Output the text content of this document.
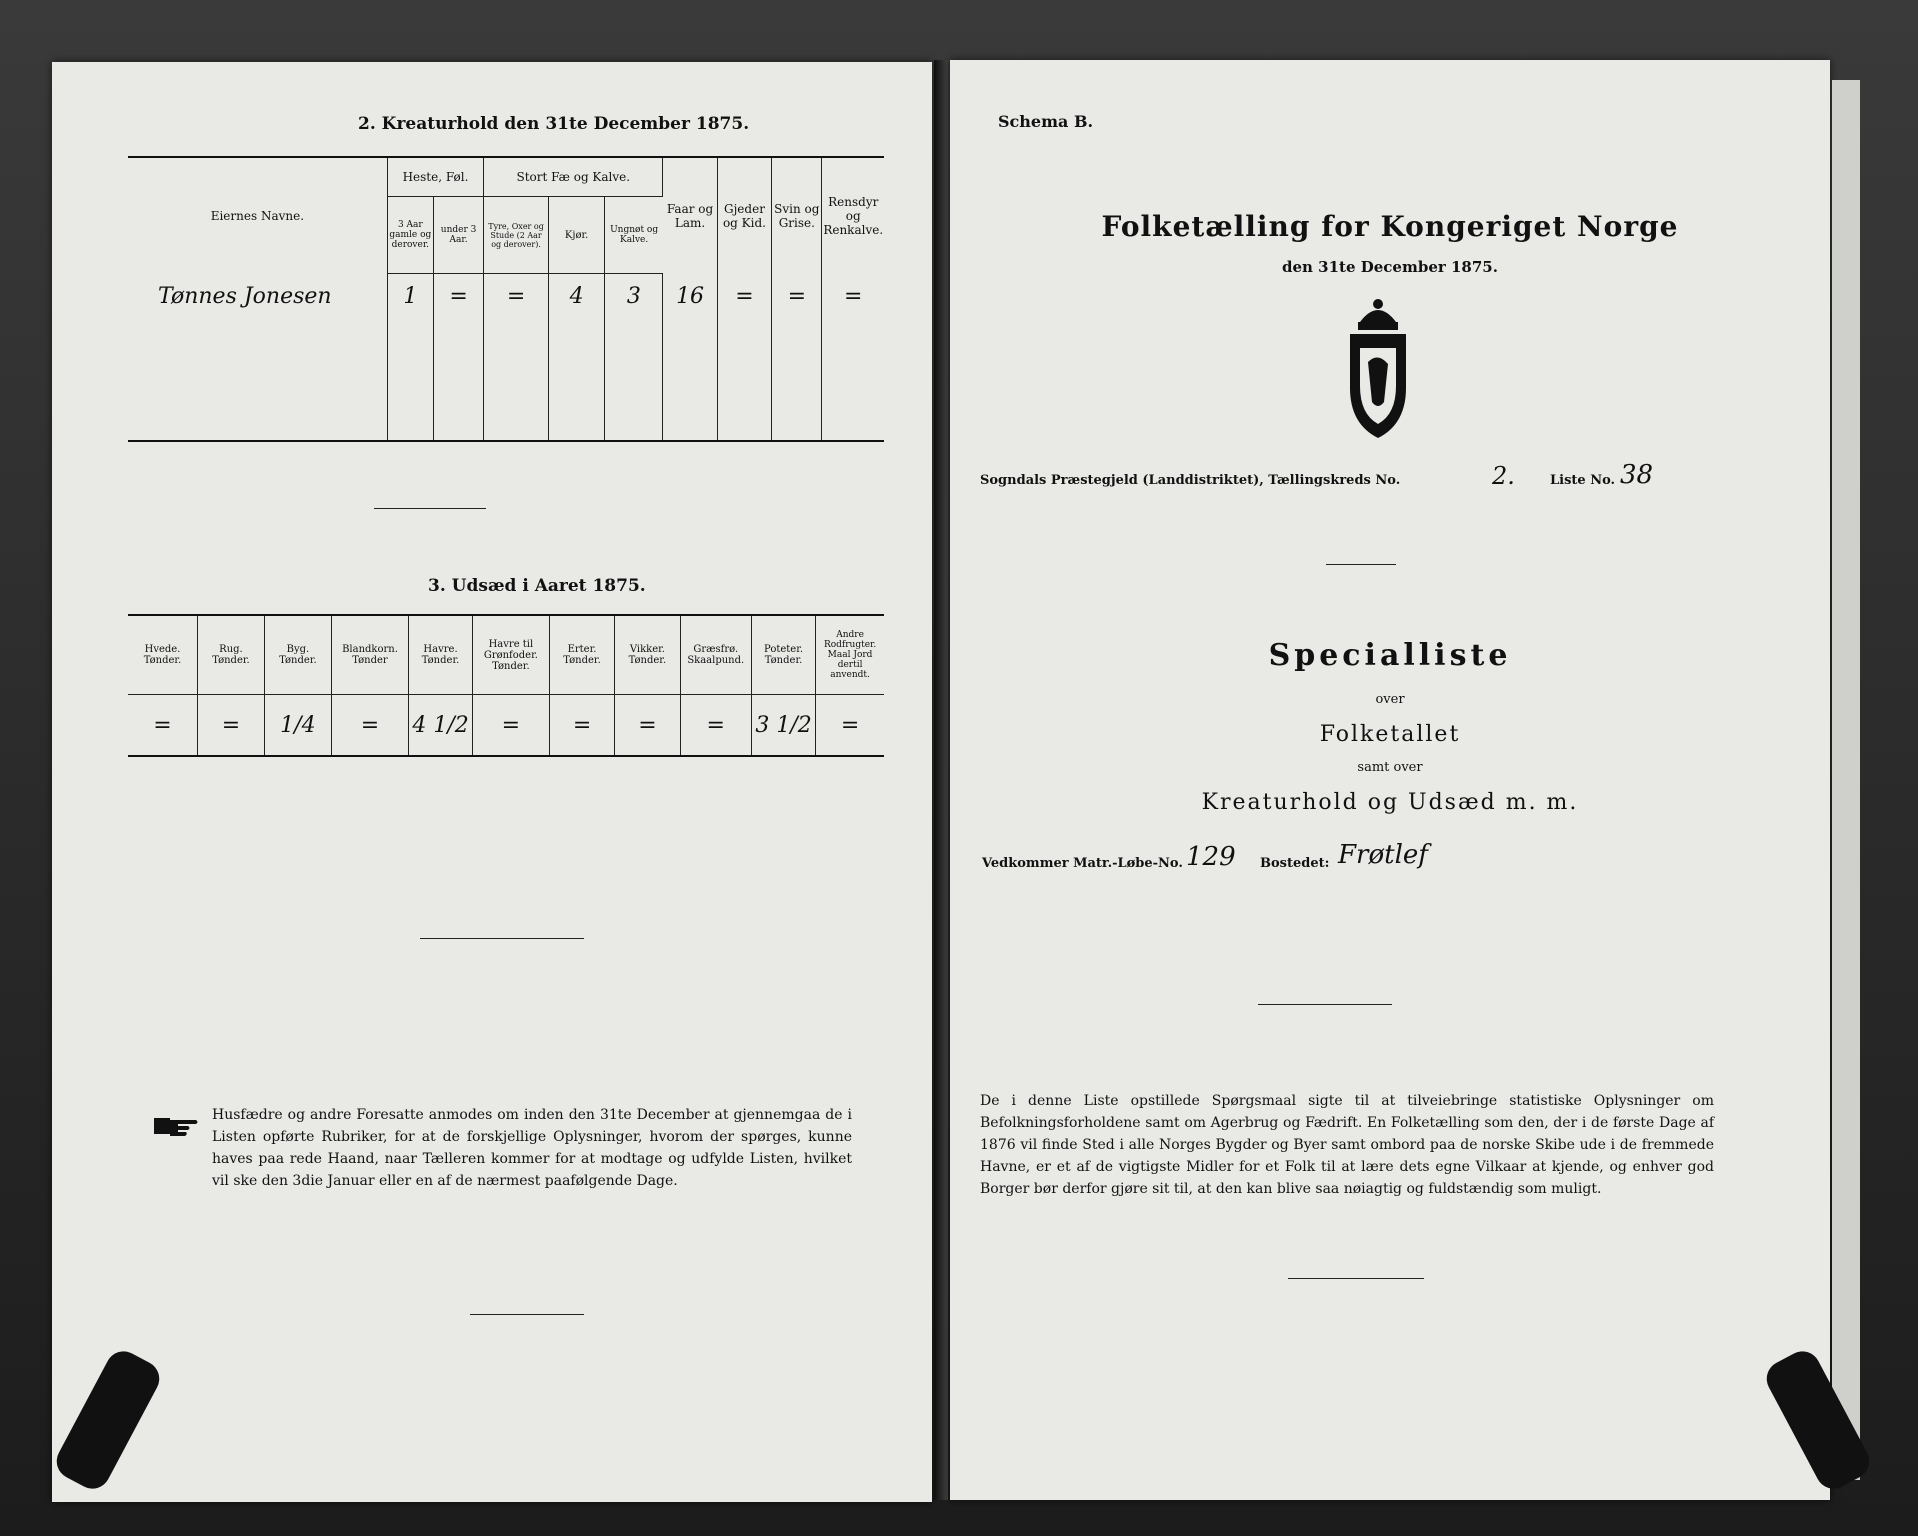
2. Kreaturhold den 31te December 1875.
Eiernes Navne.	Heste, Føl.		Stort Fæ og Kalve.			Faar og Lam.	Gjeder og Kid.	Svin og Grise.	Rensdyr og Renkalve.
	3 Aar gamle og derover.	under 3 Aar.	Tyre, Oxer og Stude (2 Aar og derover).	Kjør.	Ungnøt og Kalve.				
Tønnes Jonesen	1	=	=	4	3	16	=	=	=

3. Udsæd i Aaret 1875.
Hvede. Tønder.	Rug. Tønder.	Byg. Tønder.	Blandkorn. Tønder	Havre. Tønder.	Havre til Grønfoder. Tønder.	Erter. Tønder.	Vikker. Tønder.	Græsfrø. Skaalpund.	Poteter. Tønder.	Andre Rodfrugter. Maal Jord dertil anvendt.
=	=	1/4	=	4 1/2	=	=	=	=	3 1/2	=
Husfædre og andre Foresatte anmodes om inden den 31te December at gjennemgaa de i Listen opførte Rubriker, for at de forskjellige Oplysninger, hvorom der spørges, kunne haves paa rede Haand, naar Tælleren kommer for at modtage og udfylde Listen, hvilket vil ske den 3die Januar eller en af de nærmest paafølgende Dage.
Schema B.
Folketælling for Kongeriget Norge
den 31te December 1875.
Sogndals Præstegjeld (Landdistriktet), Tællingskreds No.	2.	Liste No. 38
Specialliste
over
Folketallet
samt over
Kreaturhold og Udsæd m. m.
Vedkommer Matr.-Løbe-No. 129 Bostedet: Frøtlef
De i denne Liste opstillede Spørgsmaal sigte til at tilveiebringe statistiske Oplysninger om Befolkningsforholdene samt om Agerbrug og Fædrift. En Folketælling som den, der i de første Dage af 1876 vil finde Sted i alle Norges Bygder og Byer samt ombord paa de norske Skibe ude i de fremmede Havne, er et af de vigtigste Midler for et Folk til at lære dets egne Vilkaar at kjende, og enhver god Borger bør derfor gjøre sit til, at den kan blive saa nøiagtig og fuldstændig som muligt.
